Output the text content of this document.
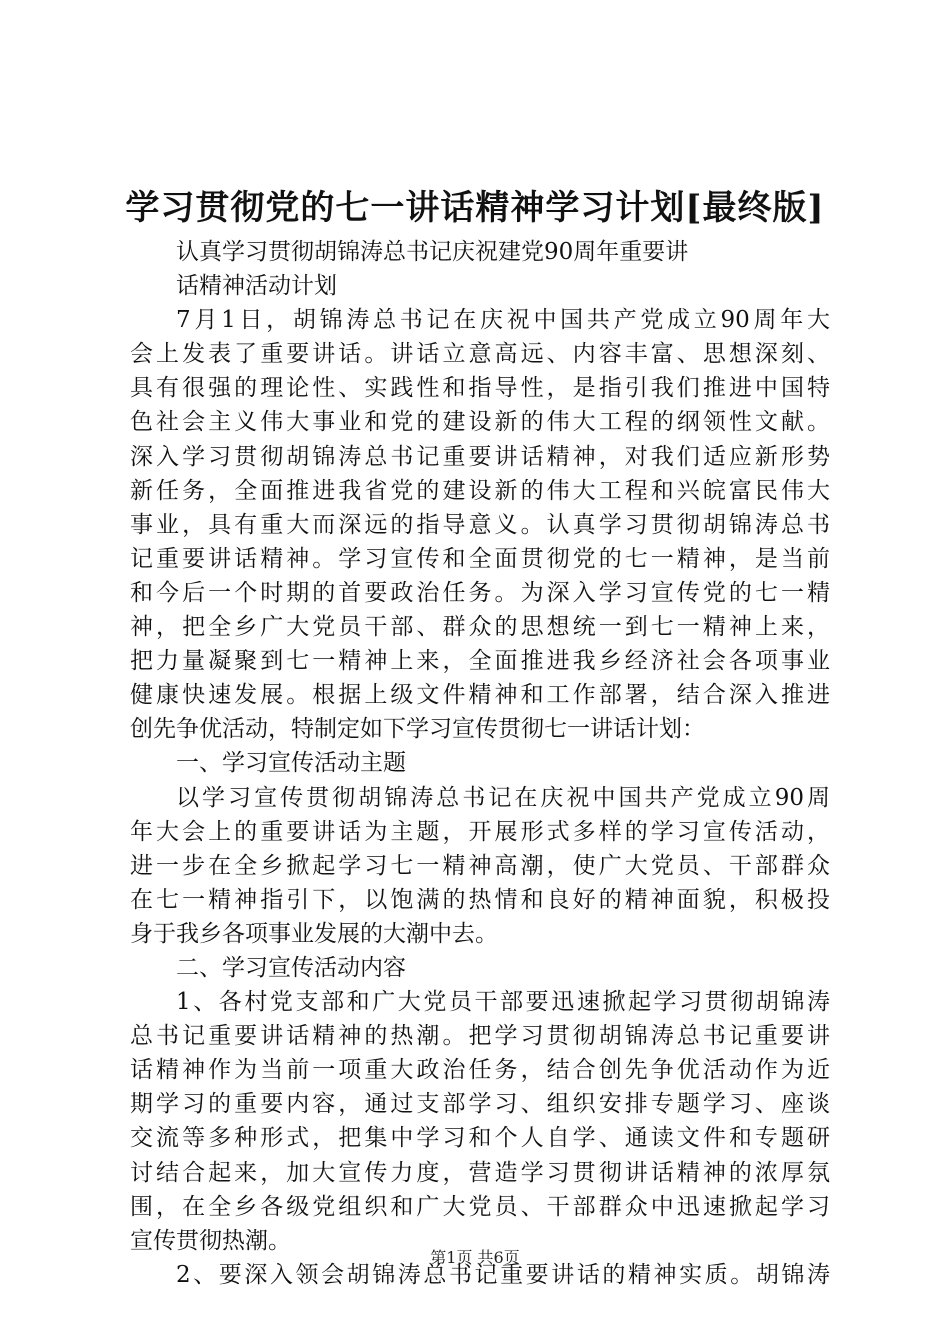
学习贯彻党的七一讲话精神学习计划[最终版]
认真学习贯彻胡锦涛总书记庆祝建党90周年重要讲
话精神活动计划
7月1日，胡锦涛总书记在庆祝中国共产党成立90周年大
会上发表了重要讲话。讲话立意高远、内容丰富、思想深刻、
具有很强的理论性、实践性和指导性，是指引我们推进中国特
色社会主义伟大事业和党的建设新的伟大工程的纲领性文献。
深入学习贯彻胡锦涛总书记重要讲话精神，对我们适应新形势
新任务，全面推进我省党的建设新的伟大工程和兴皖富民伟大
事业，具有重大而深远的指导意义。认真学习贯彻胡锦涛总书
记重要讲话精神。学习宣传和全面贯彻党的七一精神，是当前
和今后一个时期的首要政治任务。为深入学习宣传党的七一精
神，把全乡广大党员干部、群众的思想统一到七一精神上来，
把力量凝聚到七一精神上来，全面推进我乡经济社会各项事业
健康快速发展。根据上级文件精神和工作部署，结合深入推进
创先争优活动，特制定如下学习宣传贯彻七一讲话计划：
一、学习宣传活动主题
以学习宣传贯彻胡锦涛总书记在庆祝中国共产党成立90周
年大会上的重要讲话为主题，开展形式多样的学习宣传活动，
进一步在全乡掀起学习七一精神高潮，使广大党员、干部群众
在七一精神指引下，以饱满的热情和良好的精神面貌，积极投
身于我乡各项事业发展的大潮中去。
二、学习宣传活动内容
1、各村党支部和广大党员干部要迅速掀起学习贯彻胡锦涛
总书记重要讲话精神的热潮。把学习贯彻胡锦涛总书记重要讲
话精神作为当前一项重大政治任务，结合创先争优活动作为近
期学习的重要内容，通过支部学习、组织安排专题学习、座谈
交流等多种形式，把集中学习和个人自学、通读文件和专题研
讨结合起来，加大宣传力度，营造学习贯彻讲话精神的浓厚氛
围，在全乡各级党组织和广大党员、干部群众中迅速掀起学习
宣传贯彻热潮。
2、要深入领会胡锦涛总书记重要讲话的精神实质。胡锦涛
第1页 共6页
